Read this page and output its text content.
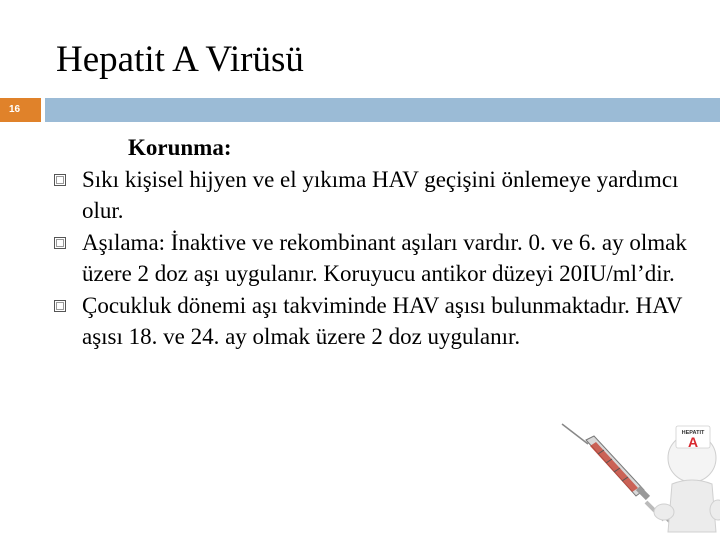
Hepatit A Virüsü
16
Korunma:
Sıkı kişisel hijyen ve el yıkıma HAV geçişini önlemeye yardımcı olur.
Aşılama: İnaktive ve rekombinant aşıları vardır. 0. ve 6. ay olmak üzere 2 doz aşı uygulanır. Koruyucu antikor düzeyi 20IU/ml’dir.
Çocukluk dönemi aşı takviminde HAV aşısı bulunmaktadır. HAV aşısı 18. ve 24. ay olmak üzere 2 doz uygulanır.
HEPATIT
A
